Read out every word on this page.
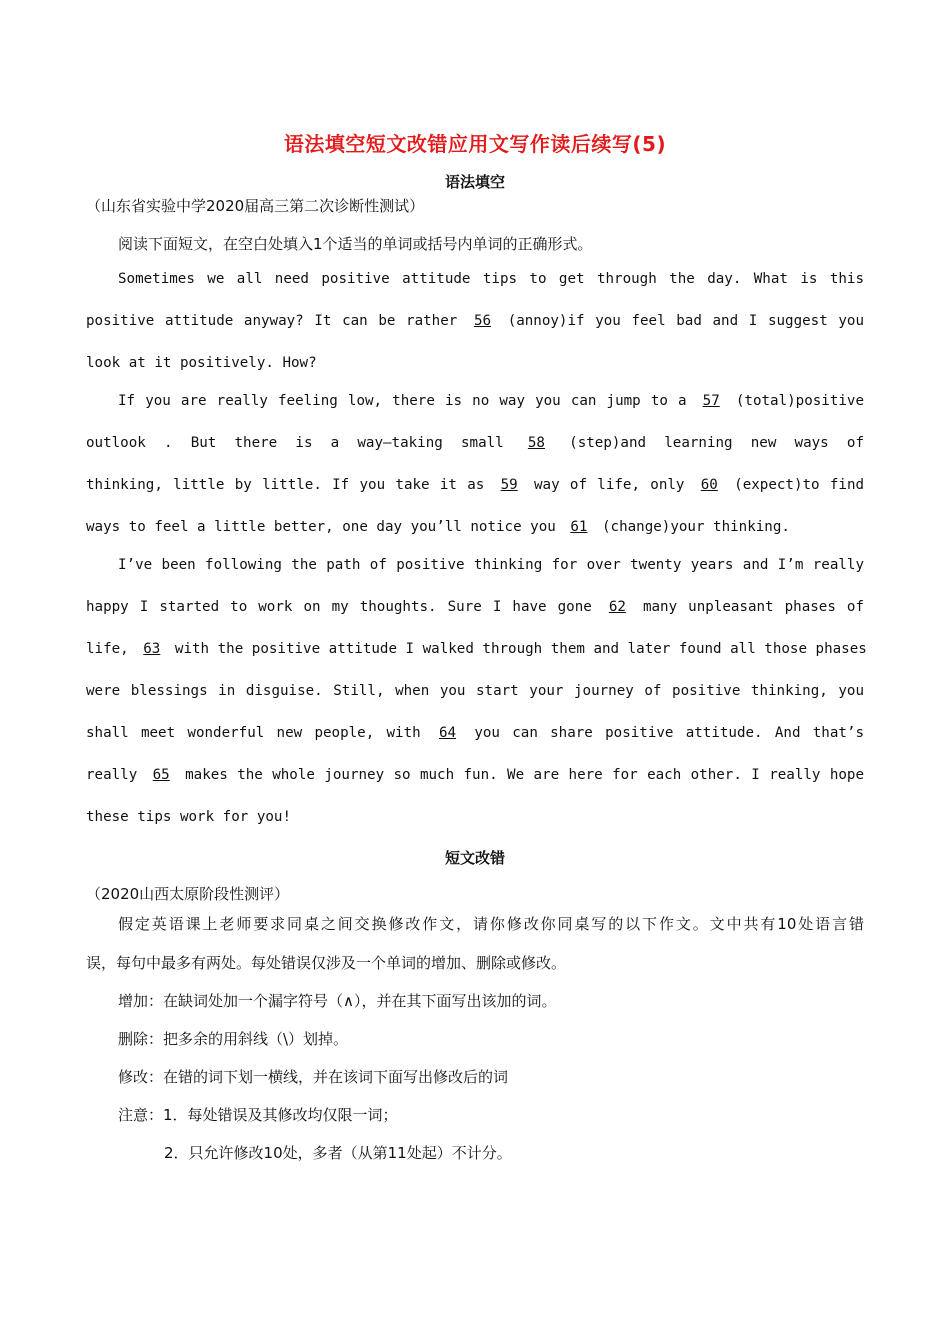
语法填空短文改错应用文写作读后续写(5)
语法填空
（山东省实验中学2020届高三第二次诊断性测试）
阅读下面短文，在空白处填入1个适当的单词或括号内单词的正确形式。
Sometimes we all need positive attitude tips to get through the day. What is this
positive attitude anyway? It can be rather 56 (annoy)if you feel bad and I suggest you
look at it positively. How?
If you are really feeling low, there is no way you can jump to a 57 (total)positive
outlook . But there is a way—taking small 58 (step)and learning new ways of
thinking, little by little. If you take it as 59 way of life, only 60 (expect)to find
ways to feel a little better, one day you’ll notice you 61 (change)your thinking.
I’ve been following the path of positive thinking for over twenty years and I’m really
happy I started to work on my thoughts. Sure I have gone 62 many unpleasant phases of
life, 63 with the positive attitude I walked through them and later found all those phases
were blessings in disguise. Still, when you start your journey of positive thinking, you
shall meet wonderful new people, with 64 you can share positive attitude. And that’s
really 65 makes the whole journey so much fun. We are here for each other. I really hope
these tips work for you!
短文改错
（2020山西太原阶段性测评）
假定英语课上老师要求同桌之间交换修改作文，请你修改你同桌写的以下作文。文中共有10处语言错
误，每句中最多有两处。每处错误仅涉及一个单词的增加、删除或修改。
增加：在缺词处加一个漏字符号（∧），并在其下面写出该加的词。
删除：把多余的用斜线（\）划掉。
修改：在错的词下划一横线，并在该词下面写出修改后的词
注意：1．每处错误及其修改均仅限一词；
2．只允许修改10处，多者（从第11处起）不计分。
